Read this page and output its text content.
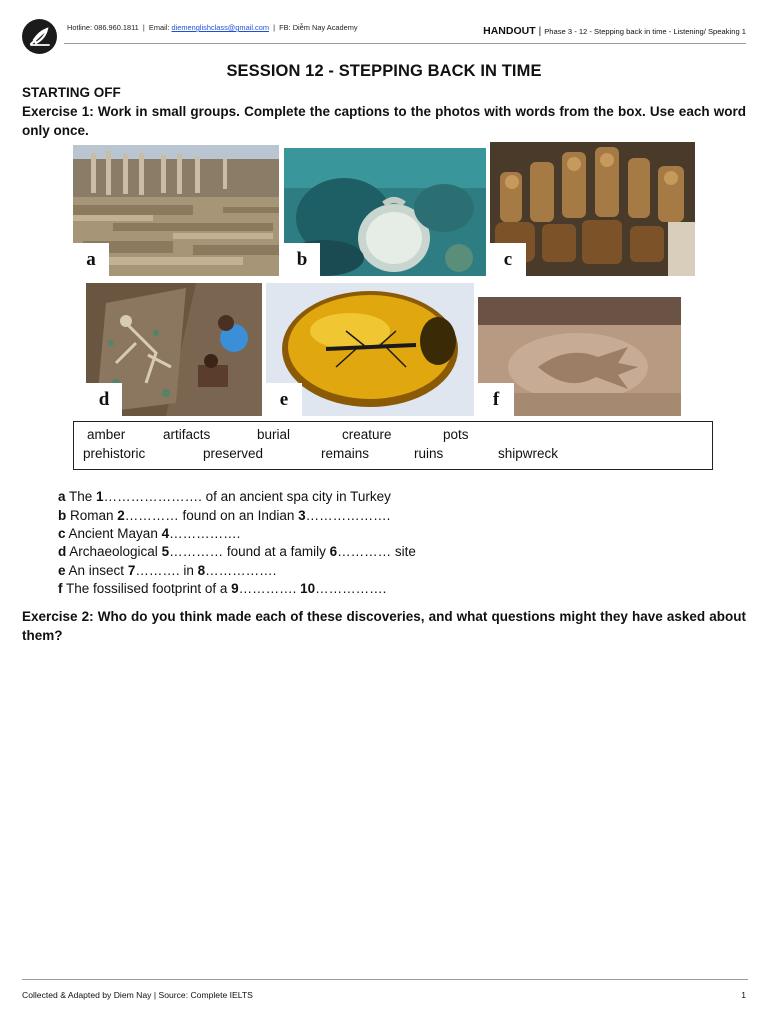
Hotline: 086.960.1811 | Email: diemenglishclass@gmail.com | FB: Diễm Nay Academy	HANDOUT | Phase 3 - 12 - Stepping back in time - Listening/ Speaking 1
SESSION 12 - STEPPING BACK IN TIME
STARTING OFF
Exercise 1: Work in small groups. Complete the captions to the photos with words from the box. Use each word only once.
a	b	c
d	e	f
amber	artifacts	burial	creature	pots
prehistoric	preserved	remains	ruins	shipwreck
a The 1…………………. of an ancient spa city in Turkey
b Roman 2………… found on an Indian 3……………….
c Ancient Mayan 4…………….
d Archaeological 5………… found at a family 6………… site
e An insect 7………. in 8…………….
f The fossilised footprint of a 9…………. 10…………….
Exercise 2: Who do you think made each of these discoveries, and what questions might they have asked about them?
Collected & Adapted by Diem Nay | Source: Complete IELTS	1
